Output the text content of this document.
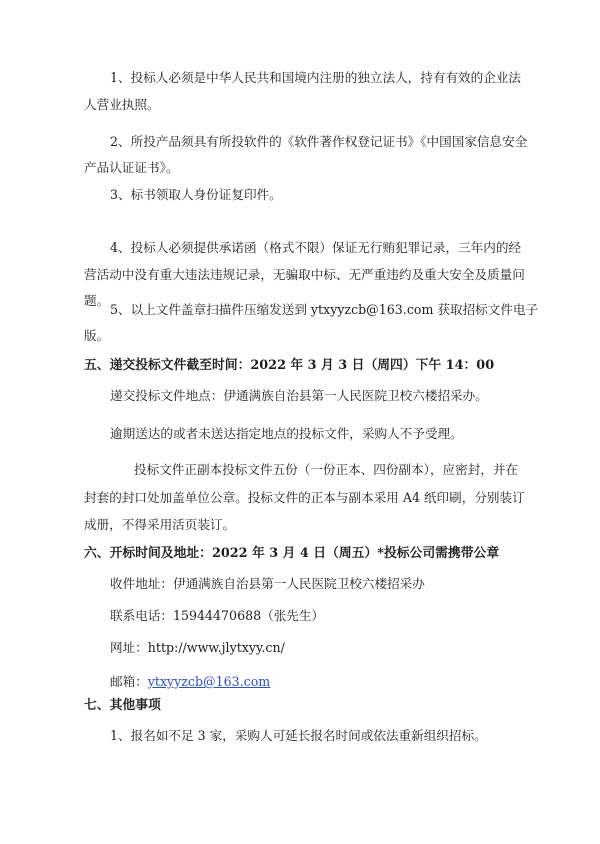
1、投标人必须是中华人民共和国境内注册的独立法人，持有有效的企业法

人营业执照。

2、所投产品须具有所投软件的《软件著作权登记证书》《中国国家信息安全

产品认证证书》。

3、标书领取人身份证复印件。

4、投标人必须提供承诺函（格式不限）保证无行贿犯罪记录，三年内的经

营活动中没有重大违法违规记录，无骗取中标、无严重违约及重大安全及质量问

题。

5、以上文件盖章扫描件压缩发送到 ytxyyzcb@163.com 获取招标文件电子

版。

五、递交投标文件截至时间：2022 年 3 月 3 日（周四）下午 14：00

递交投标文件地点：伊通满族自治县第一人民医院卫校六楼招采办。

逾期送达的或者未送达指定地点的投标文件，采购人不予受理。

投标文件正副本投标文件五份（一份正本、四份副本），应密封，并在

封套的封口处加盖单位公章。投标文件的正本与副本采用 A4 纸印刷，分别装订

成册，不得采用活页装订。

六、开标时间及地址：2022 年 3 月 4 日（周五）*投标公司需携带公章

收件地址：伊通满族自治县第一人民医院卫校六楼招采办

联系电话：15944470688（张先生）

网址：http://www.jlytxyy.cn/

邮箱：ytxyyzcb@163.com

七、其他事项

1、报名如不足 3 家，采购人可延长报名时间或依法重新组织招标。
